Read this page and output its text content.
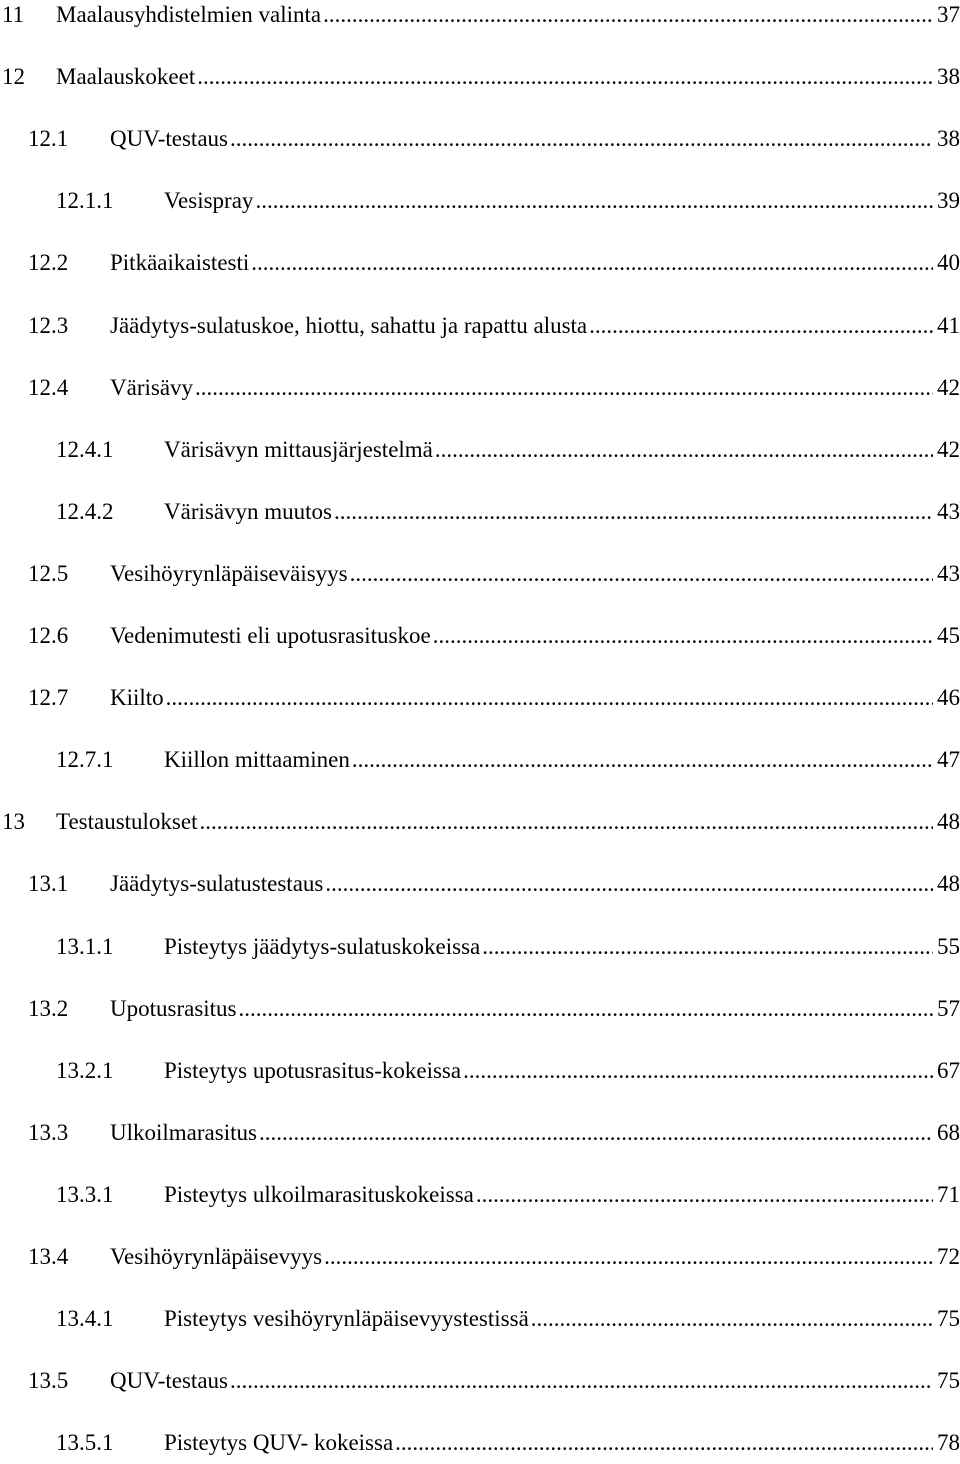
11 Maalausyhdistelmien valinta .....	37
12 Maalauskokeet .....	38
12.1 QUV-testaus .....	38
12.1.1 Vesispray .....	39
12.2 Pitkäaikaistesti .....	40
12.3 Jäädytys-sulatuskoe, hiottu, sahattu ja rapattu alusta .....	41
12.4 Värisävy .....	42
12.4.1 Värisävyn mittausjärjestelmä .....	42
12.4.2 Värisävyn muutos .....	43
12.5 Vesihöyrynläpäiseväisyys .....	43
12.6 Vedenimutesti eli upotusrasituskoe .....	45
12.7 Kiilto .....	46
12.7.1 Kiillon mittaaminen .....	47
13 Testaustulokset .....	48
13.1 Jäädytys-sulatustestaus .....	48
13.1.1 Pisteytys jäädytys-sulatuskokeissa .....	55
13.2 Upotusrasitus .....	57
13.2.1 Pisteytys upotusrasitus-kokeissa .....	67
13.3 Ulkoilmarasitus .....	68
13.3.1 Pisteytys ulkoilmarasituskokeissa .....	71
13.4 Vesihöyrynläpäisevyys .....	72
13.4.1 Pisteytys vesihöyrynläpäisevyystestissä .....	75
13.5 QUV-testaus .....	75
13.5.1 Pisteytys QUV- kokeissa .....	78
